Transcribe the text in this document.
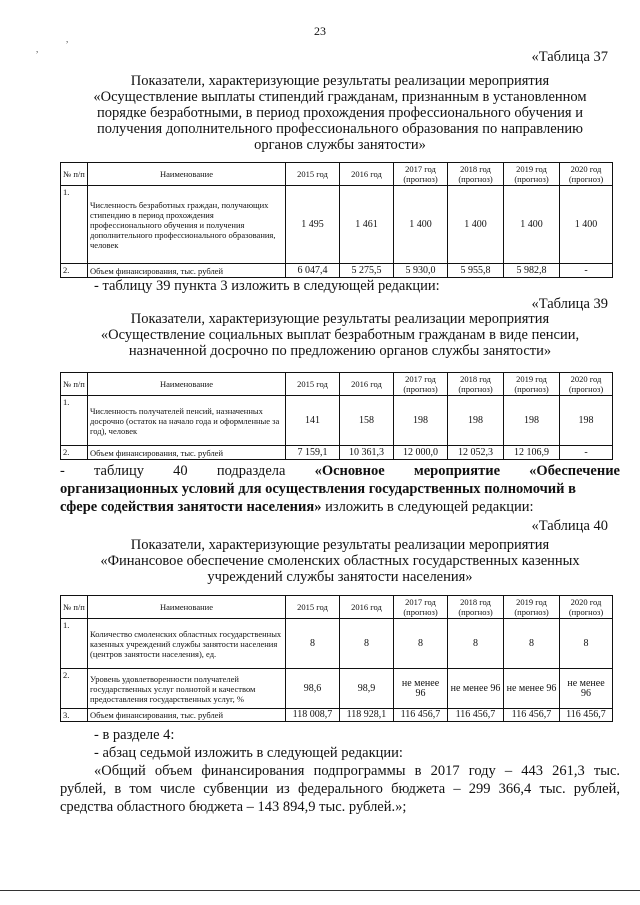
23
,
,	«Таблица 37
Показатели, характеризующие результаты реализации мероприятия
«Осуществление выплаты стипендий гражданам, признанным в установленном
порядке безработными, в период прохождения профессионального обучения и
получения дополнительного профессионального образования по направлению
органов службы занятости»
№ п/п	Наименование	2015 год	2016 год	2017 год (прогноз)	2018 год (прогноз)	2019 год (прогноз)	2020 год (прогноз)
1.	Численность безработных граждан, получающих стипендию в период прохождения профессионального обучения и получения дополнительного профессионального образования, человек	1 495	1 461	1 400	1 400	1 400	1 400
2.	Объем финансирования, тыс. рублей	6 047,4	5 275,5	5 930,0	5 955,8	5 982,8	-
- таблицу 39 пункта 3 изложить в следующей редакции:
«Таблица 39
Показатели, характеризующие результаты реализации мероприятия
«Осуществление социальных выплат безработным гражданам в виде пенсии,
назначенной досрочно по предложению органов службы занятости»
№ п/п	Наименование	2015 год	2016 год	2017 год (прогноз)	2018 год (прогноз)	2019 год (прогноз)	2020 год (прогноз)
1.	Численность получателей пенсий, назначенных досрочно (остаток на начало года и оформленные за год), человек	141	158	198	198	198	198
2.	Объем финансирования, тыс. рублей	7 159,1	10 361,3	12 000,0	12 052,3	12 106,9	-
- таблицу 40 подраздела «Основное мероприятие «Обеспечение
организационных условий для осуществления государственных полномочий в
сфере содействия занятости населения» изложить в следующей редакции:
«Таблица 40
Показатели, характеризующие результаты реализации мероприятия
«Финансовое обеспечение смоленских областных государственных казенных
учреждений службы занятости населения»
№ п/п	Наименование	2015 год	2016 год	2017 год (прогноз)	2018 год (прогноз)	2019 год (прогноз)	2020 год (прогноз)
1.	Количество смоленских областных государственных казенных учреждений службы занятости населения (центров занятости населения), ед.	8	8	8	8	8	8
2.	Уровень удовлетворенности получателей государственных услуг полнотой и качеством предоставления государственных услуг, %	98,6	98,9	не менее 96	не менее 96	не менее 96	не менее 96
3.	Объем финансирования, тыс. рублей	118 008,7	118 928,1	116 456,7	116 456,7	116 456,7	116 456,7
- в разделе 4:
- абзац седьмой изложить в следующей редакции:
«Общий объем финансирования подпрограммы в 2017 году – 443 261,3 тыс.
рублей, в том числе субвенции из федерального бюджета – 299 366,4 тыс. рублей,
средства областного бюджета – 143 894,9 тыс. рублей.»;
